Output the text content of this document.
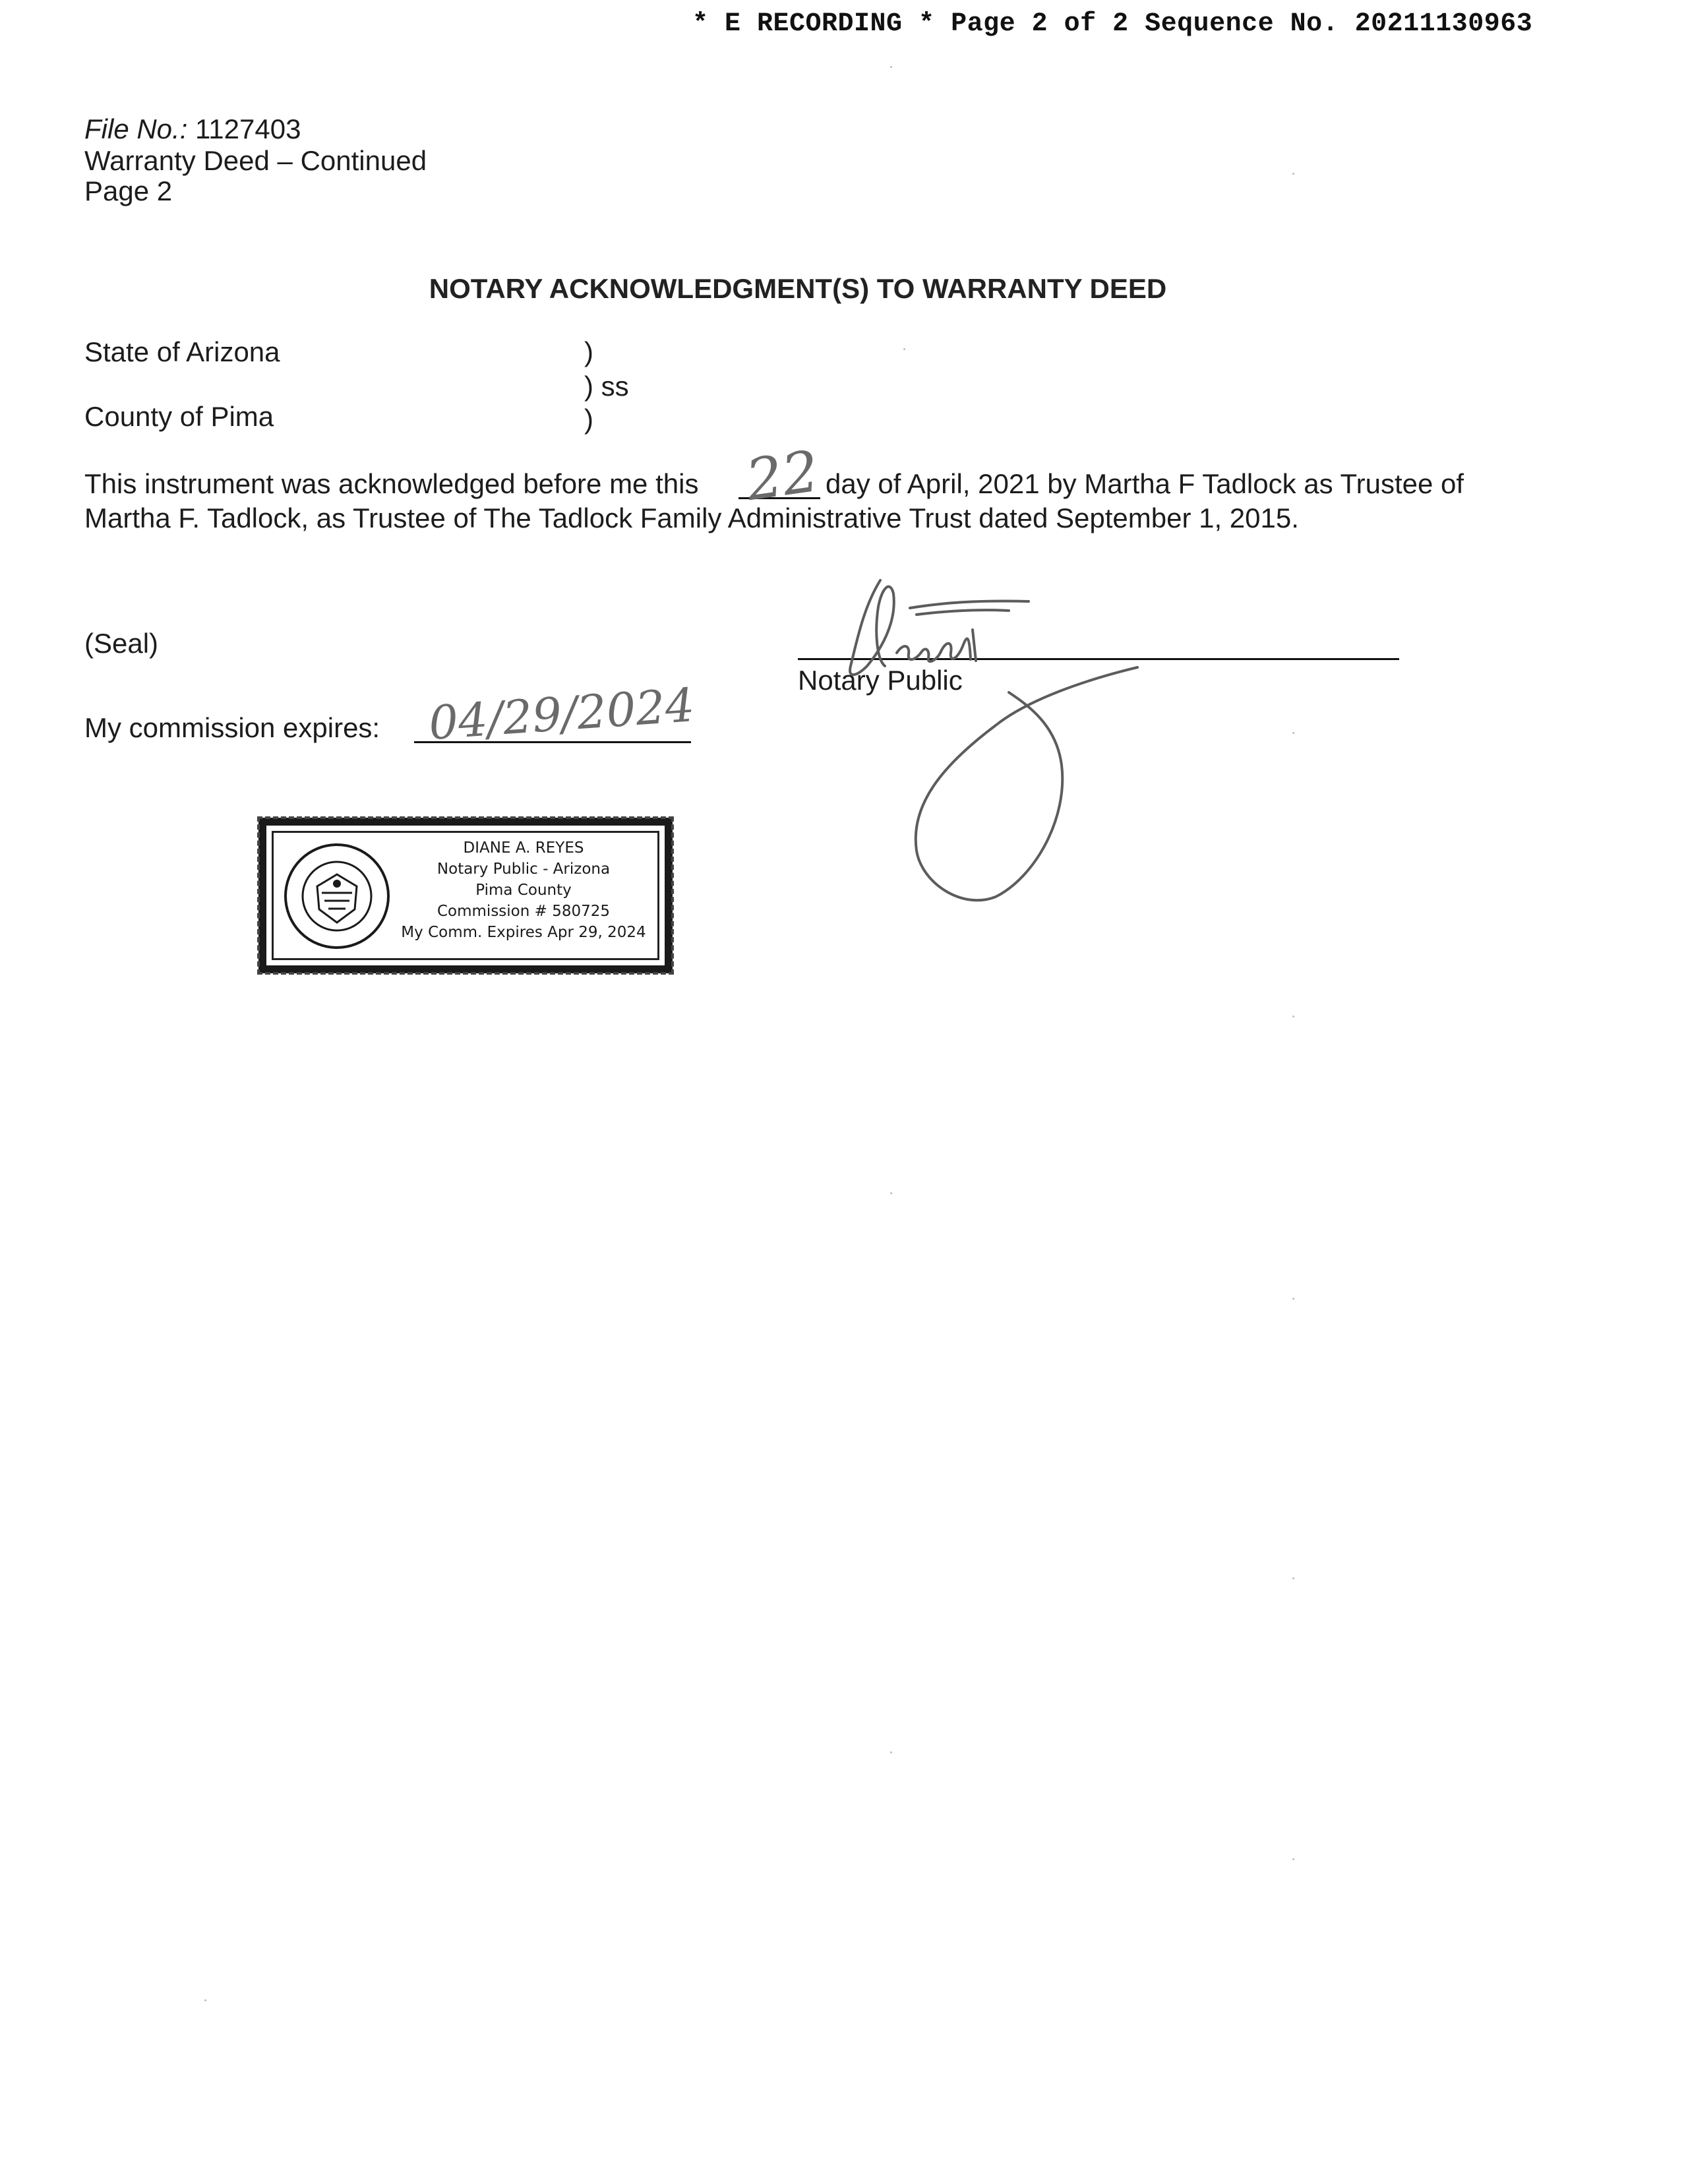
* E RECORDING * Page 2 of 2 Sequence No. 20211130963
File No.: 1127403
Warranty Deed – Continued
Page 2
NOTARY ACKNOWLEDGMENT(S) TO WARRANTY DEED
State of Arizona
County of Pima
)
) ss
)
This instrument was acknowledged before me this 22 day of April, 2021 by Martha F Tadlock as Trustee of
Martha F. Tadlock, as Trustee of The Tadlock Family Administrative Trust dated September 1, 2015.
(Seal)
Notary Public
My commission expires: 04/29/2024
DIANE A. REYES
Notary Public - Arizona
Pima County
Commission # 580725
My Comm. Expires Apr 29, 2024
